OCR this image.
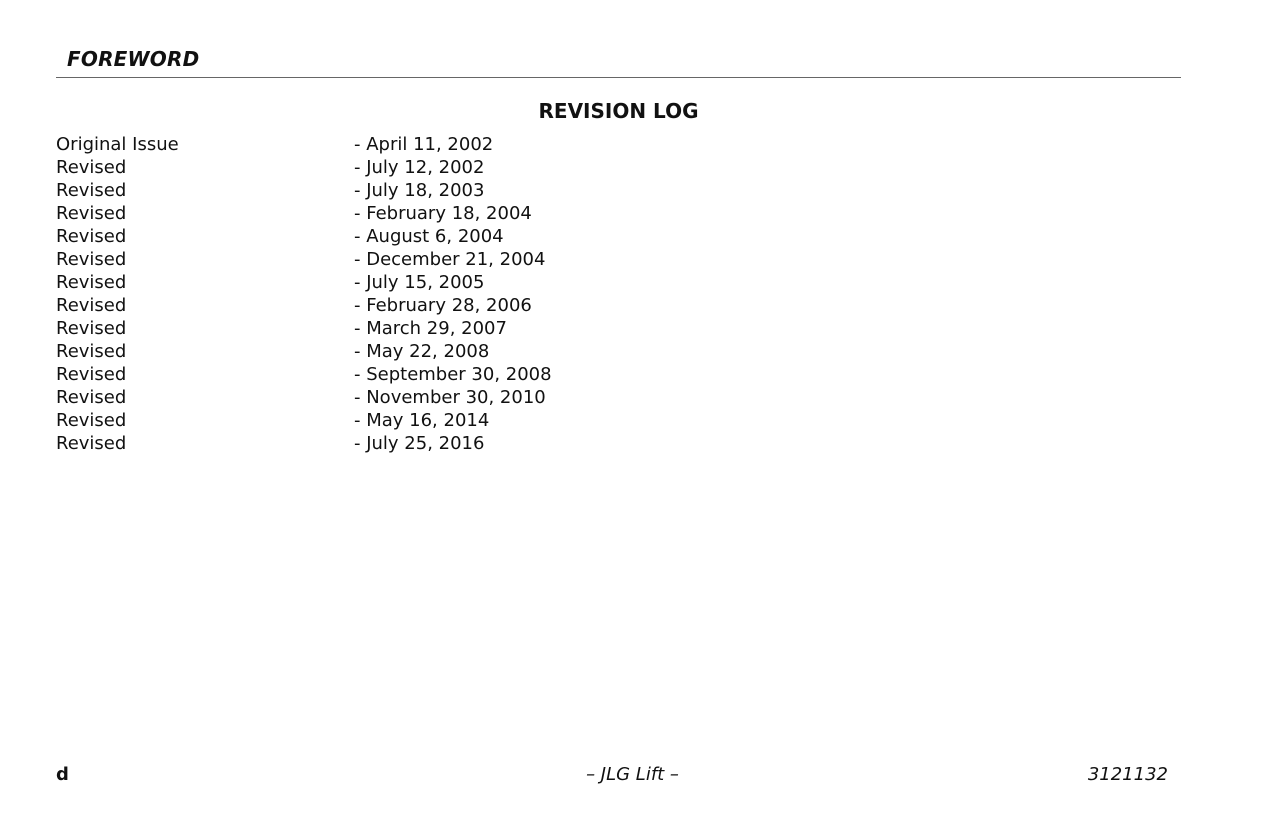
FOREWORD
REVISION LOG
Original Issue	- April 11, 2002
Revised	- July 12, 2002
Revised	- July 18, 2003
Revised	- February 18, 2004
Revised	- August 6, 2004
Revised	- December 21, 2004
Revised	- July 15, 2005
Revised	- February 28, 2006
Revised	- March 29, 2007
Revised	- May 22, 2008
Revised	- September 30, 2008
Revised	- November 30, 2010
Revised	- May 16, 2014
Revised	- July 25, 2016
d	– JLG Lift –	3121132
